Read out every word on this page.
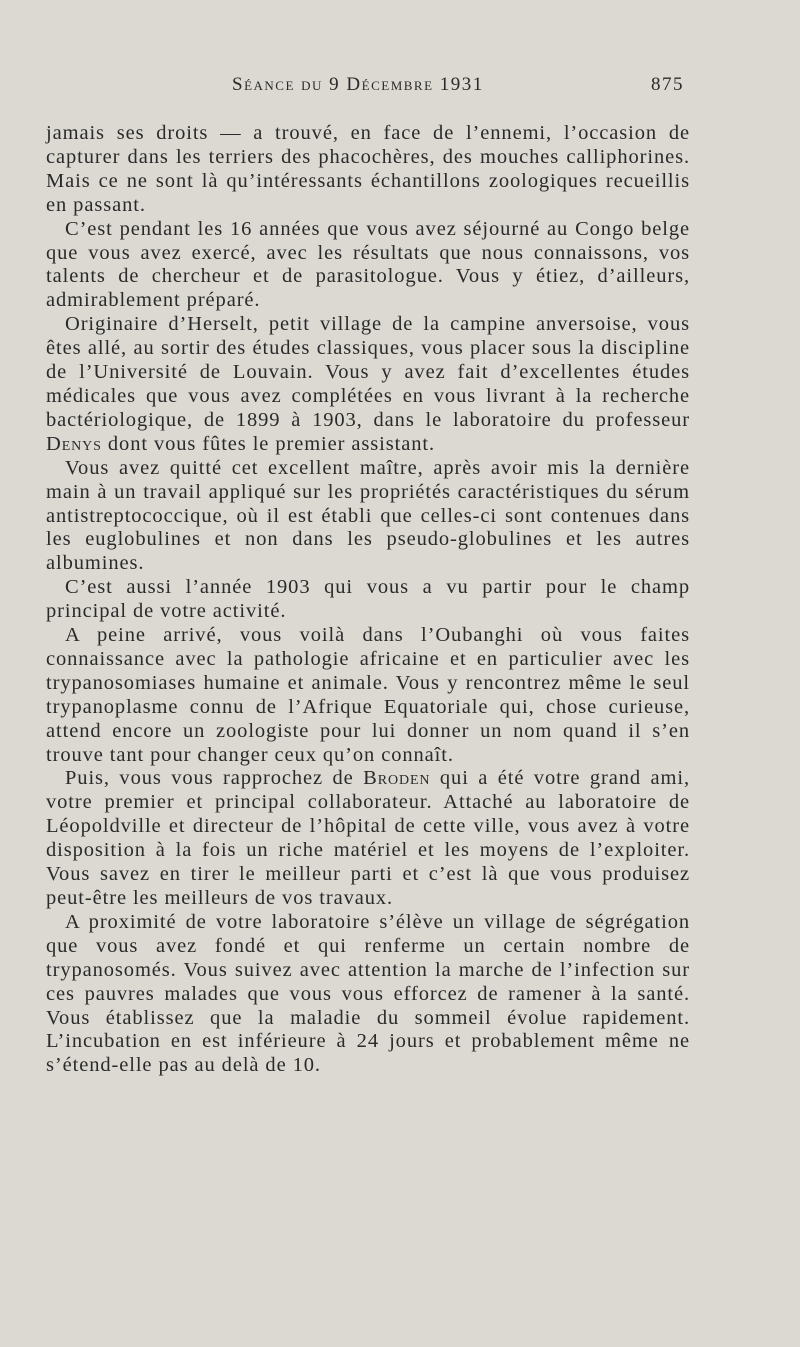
Séance du 9 Décembre 1931	875

jamais ses droits — a trouvé, en face de l’ennemi, l’occasion de capturer dans les terriers des phacochères, des mouches calliphorines. Mais ce ne sont là qu’intéressants échantillons zoologiques recueillis en passant.

C’est pendant les 16 années que vous avez séjourné au Congo belge que vous avez exercé, avec les résultats que nous connaissons, vos talents de chercheur et de parasitologue. Vous y étiez, d’ailleurs, admirablement préparé.

Originaire d’Herselt, petit village de la campine anversoise, vous êtes allé, au sortir des études classiques, vous placer sous la discipline de l’Université de Louvain. Vous y avez fait d’excellentes études médicales que vous avez complétées en vous livrant à la recherche bactériologique, de 1899 à 1903, dans le laboratoire du professeur Denys dont vous fûtes le premier assistant.

Vous avez quitté cet excellent maître, après avoir mis la dernière main à un travail appliqué sur les propriétés caractéristiques du sérum antistreptococcique, où il est établi que celles-ci sont contenues dans les euglobulines et non dans les pseudo-globulines et les autres albumines.

C’est aussi l’année 1903 qui vous a vu partir pour le champ principal de votre activité.

A peine arrivé, vous voilà dans l’Oubanghi où vous faites connaissance avec la pathologie africaine et en particulier avec les trypanosomiases humaine et animale. Vous y rencontrez même le seul trypanoplasme connu de l’Afrique Equatoriale qui, chose curieuse, attend encore un zoologiste pour lui donner un nom quand il s’en trouve tant pour changer ceux qu’on connaît.

Puis, vous vous rapprochez de Broden qui a été votre grand ami, votre premier et principal collaborateur. Attaché au laboratoire de Léopoldville et directeur de l’hôpital de cette ville, vous avez à votre disposition à la fois un riche matériel et les moyens de l’exploiter. Vous savez en tirer le meilleur parti et c’est là que vous produisez peut-être les meilleurs de vos travaux.

A proximité de votre laboratoire s’élève un village de ségrégation que vous avez fondé et qui renferme un certain nombre de trypanosomés. Vous suivez avec attention la marche de l’infection sur ces pauvres malades que vous vous efforcez de ramener à la santé. Vous établissez que la maladie du sommeil évolue rapidement. L’incubation en est inférieure à 24 jours et probablement même ne s’étend-elle pas au delà de 10.
